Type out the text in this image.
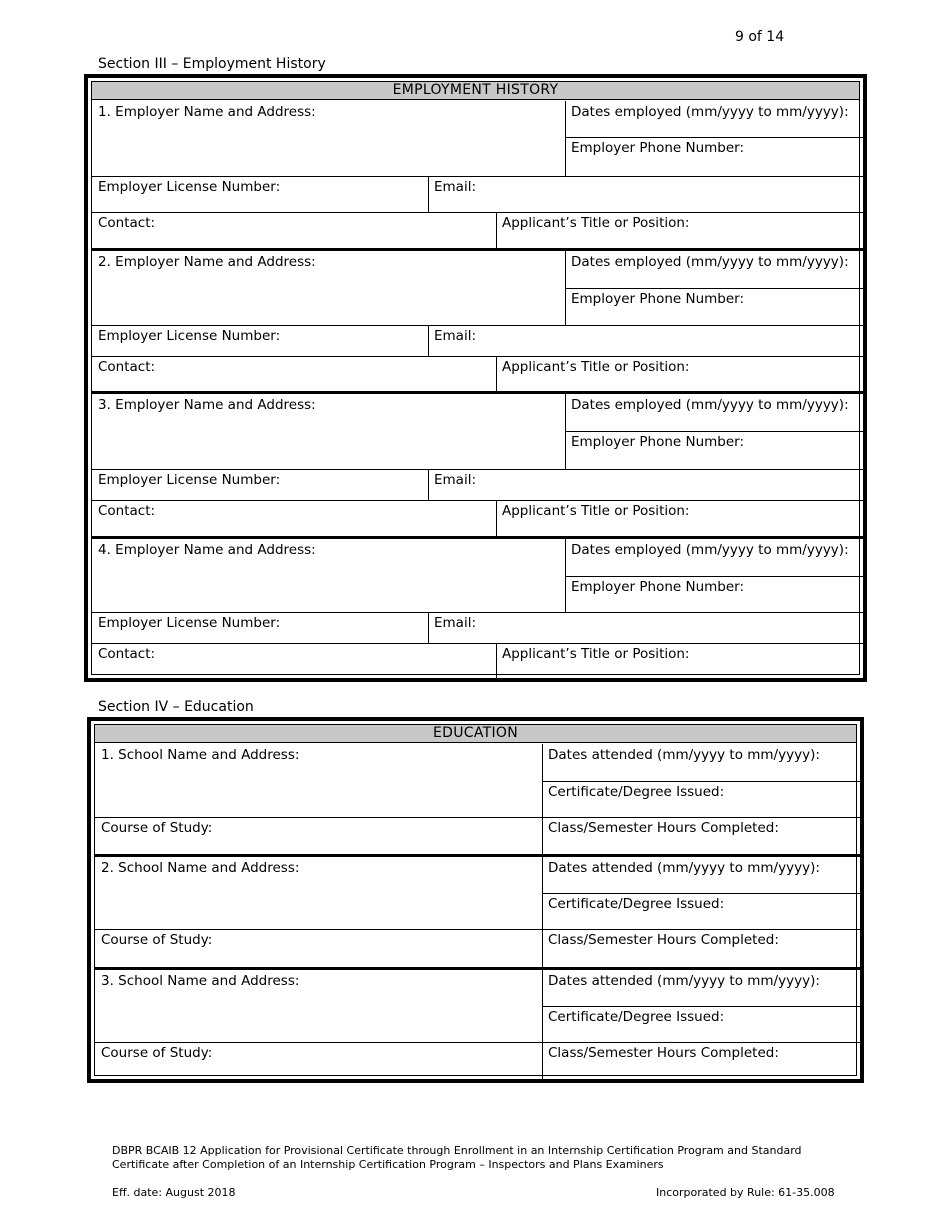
9 of 14
Section III – Employment History
EMPLOYMENT HISTORY
1. Employer Name and Address:	Dates employed (mm/yyyy to mm/yyyy):
Employer Phone Number:
Employer License Number:	Email:
Contact:	Applicant’s Title or Position:
2. Employer Name and Address:	Dates employed (mm/yyyy to mm/yyyy):
Employer Phone Number:
Employer License Number:	Email:
Contact:	Applicant’s Title or Position:
3. Employer Name and Address:	Dates employed (mm/yyyy to mm/yyyy):
Employer Phone Number:
Employer License Number:	Email:
Contact:	Applicant’s Title or Position:
4. Employer Name and Address:	Dates employed (mm/yyyy to mm/yyyy):
Employer Phone Number:
Employer License Number:	Email:
Contact:	Applicant’s Title or Position:
Section IV – Education
EDUCATION
1. School Name and Address:	Dates attended (mm/yyyy to mm/yyyy):
Certificate/Degree Issued:
Course of Study:	Class/Semester Hours Completed:
2. School Name and Address:	Dates attended (mm/yyyy to mm/yyyy):
Certificate/Degree Issued:
Course of Study:	Class/Semester Hours Completed:
3. School Name and Address:	Dates attended (mm/yyyy to mm/yyyy):
Certificate/Degree Issued:
Course of Study:	Class/Semester Hours Completed:
DBPR BCAIB 12 Application for Provisional Certificate through Enrollment in an Internship Certification Program and Standard
Certificate after Completion of an Internship Certification Program – Inspectors and Plans Examiners
Eff. date: August 2018	Incorporated by Rule: 61-35.008
